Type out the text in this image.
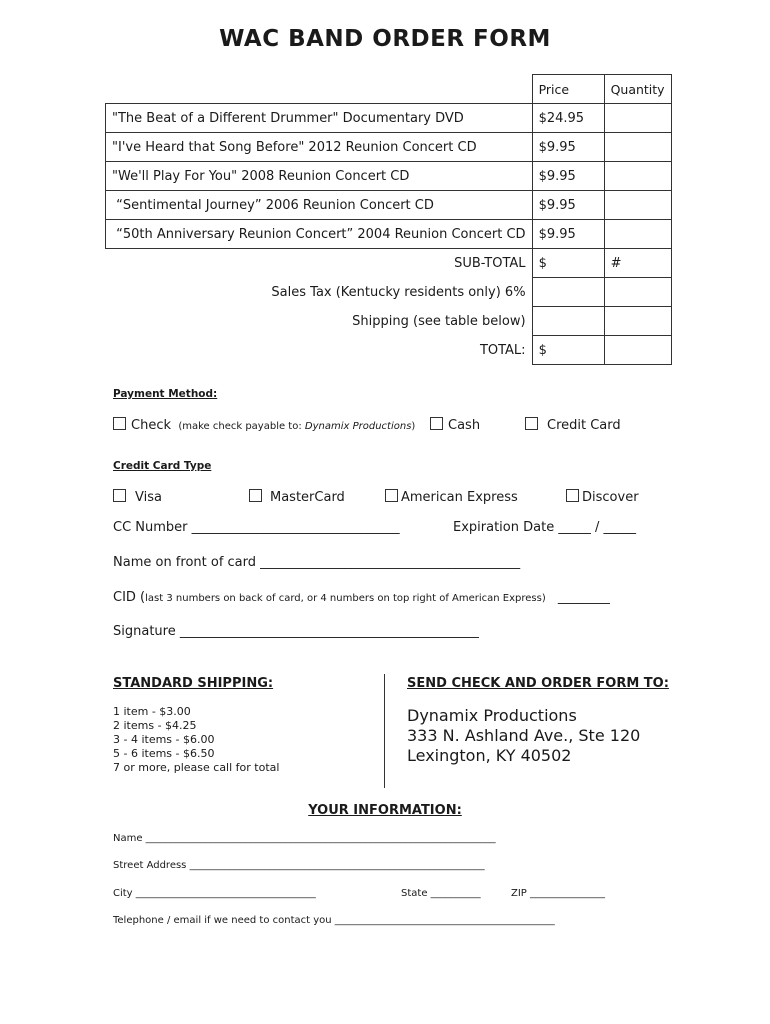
WAC BAND ORDER FORM
	Price	Quantity
"The Beat of a Different Drummer" Documentary DVD	$24.95	
"I've Heard that Song Before" 2012 Reunion Concert CD	$9.95	
"We'll Play For You" 2008 Reunion Concert CD	$9.95	
“Sentimental Journey” 2006 Reunion Concert CD	$9.95	
“50th Anniversary Reunion Concert” 2004 Reunion Concert CD	$9.95	
SUB-TOTAL	$	#
Sales Tax (Kentucky residents only) 6%		
Shipping (see table below)		
TOTAL:	$	
Payment Method:
Check (make check payable to: Dynamix Productions)	Cash	Credit Card
Credit Card Type
Visa	MasterCard	American Express	Discover
CC Number ________________________________	Expiration Date _____ / _____
Name on front of card ________________________________________
CID (last 3 numbers on back of card, or 4 numbers on top right of American Express) ________
Signature ______________________________________________
STANDARD SHIPPING:
1 item - $3.00
2 items - $4.25
3 - 4 items - $6.00
5 - 6 items - $6.50
7 or more, please call for total
SEND CHECK AND ORDER FORM TO:
Dynamix Productions
333 N. Ashland Ave., Ste 120
Lexington, KY 40502
YOUR INFORMATION:
Name ______________________________________________________________________
Street Address ___________________________________________________________
City ____________________________________	State __________	ZIP _______________
Telephone / email if we need to contact you ____________________________________________
